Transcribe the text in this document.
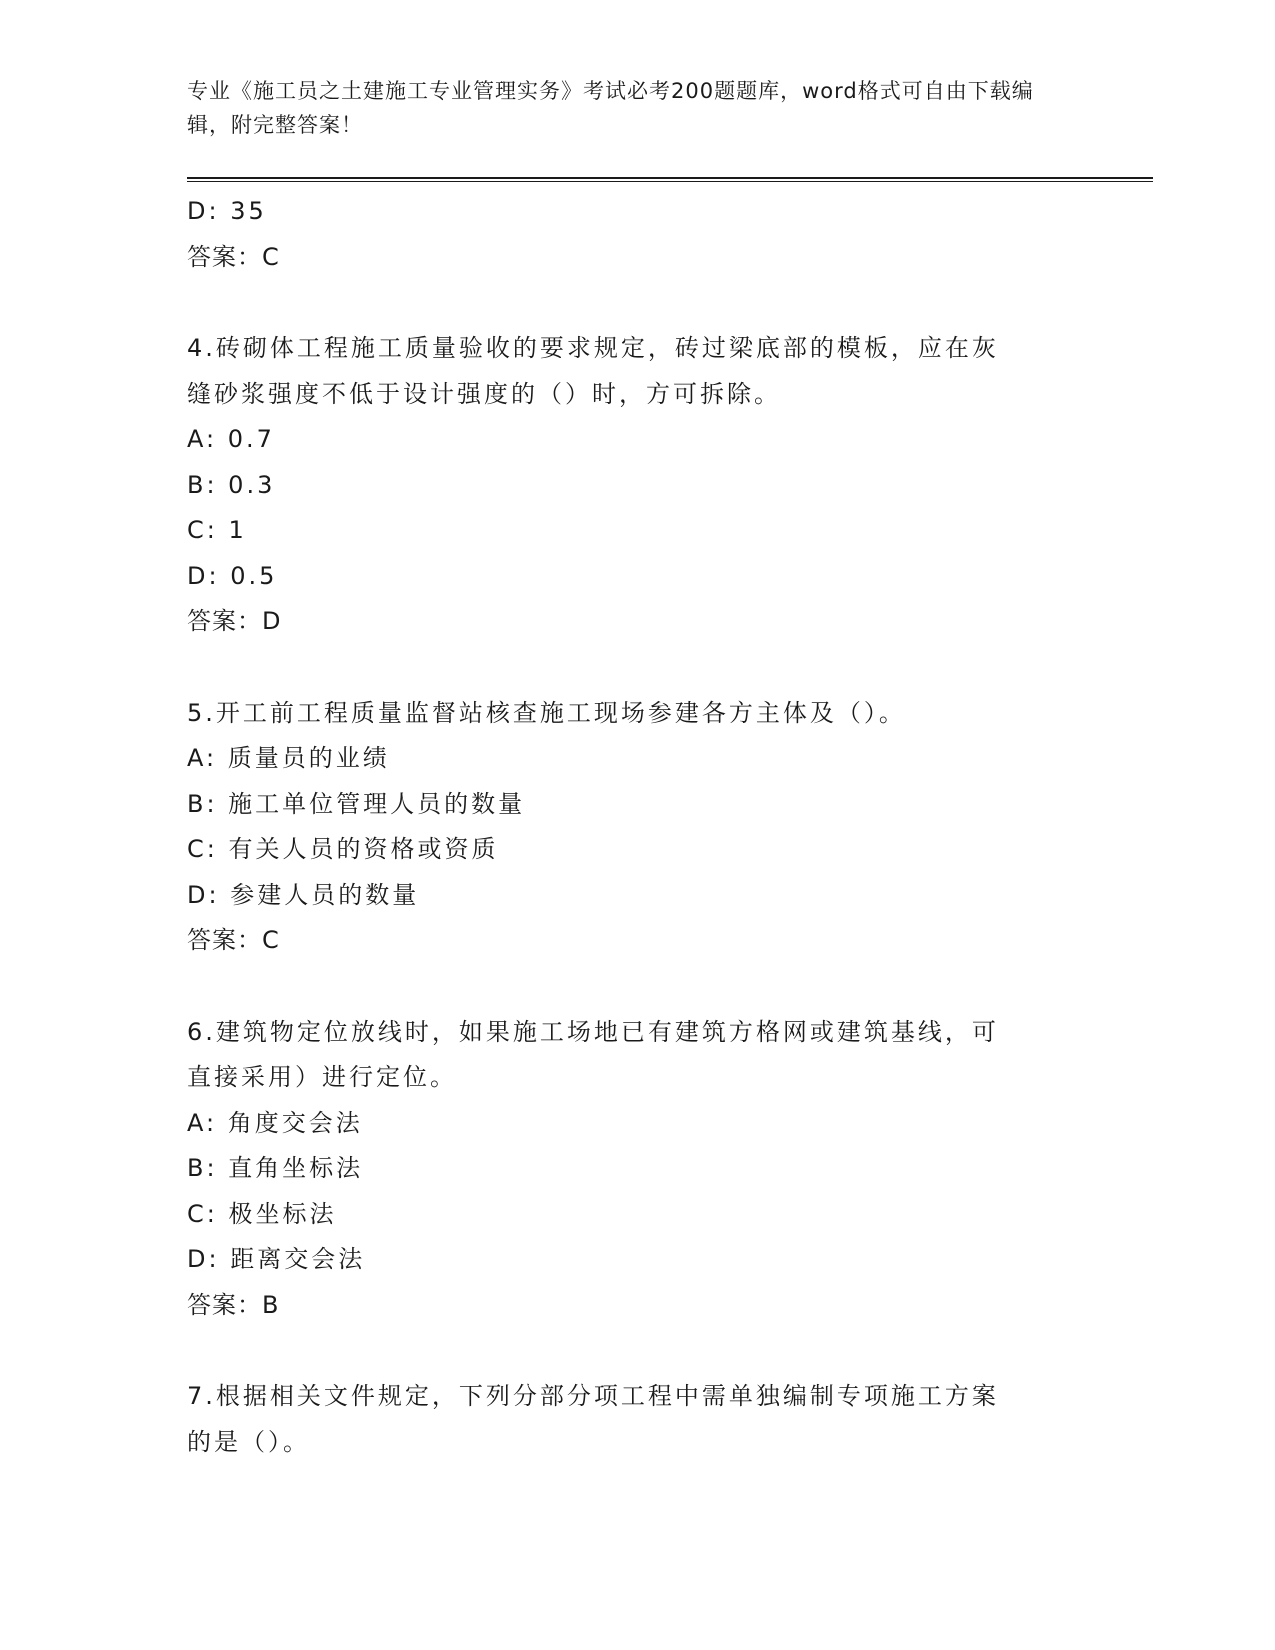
专业《施工员之土建施工专业管理实务》考试必考200题题库，word格式可自由下载编辑，附完整答案！
D: 35
答案：C
4.砖砌体工程施工质量验收的要求规定，砖过梁底部的模板，应在灰
缝砂浆强度不低于设计强度的（）时，方可拆除。
A: 0.7
B: 0.3
C: 1
D: 0.5
答案：D
5.开工前工程质量监督站核查施工现场参建各方主体及（）。
A: 质量员的业绩
B: 施工单位管理人员的数量
C: 有关人员的资格或资质
D: 参建人员的数量
答案：C
6.建筑物定位放线时，如果施工场地已有建筑方格网或建筑基线，可
直接采用）进行定位。
A: 角度交会法
B: 直角坐标法
C: 极坐标法
D: 距离交会法
答案：B
7.根据相关文件规定，下列分部分项工程中需单独编制专项施工方案
的是（）。
